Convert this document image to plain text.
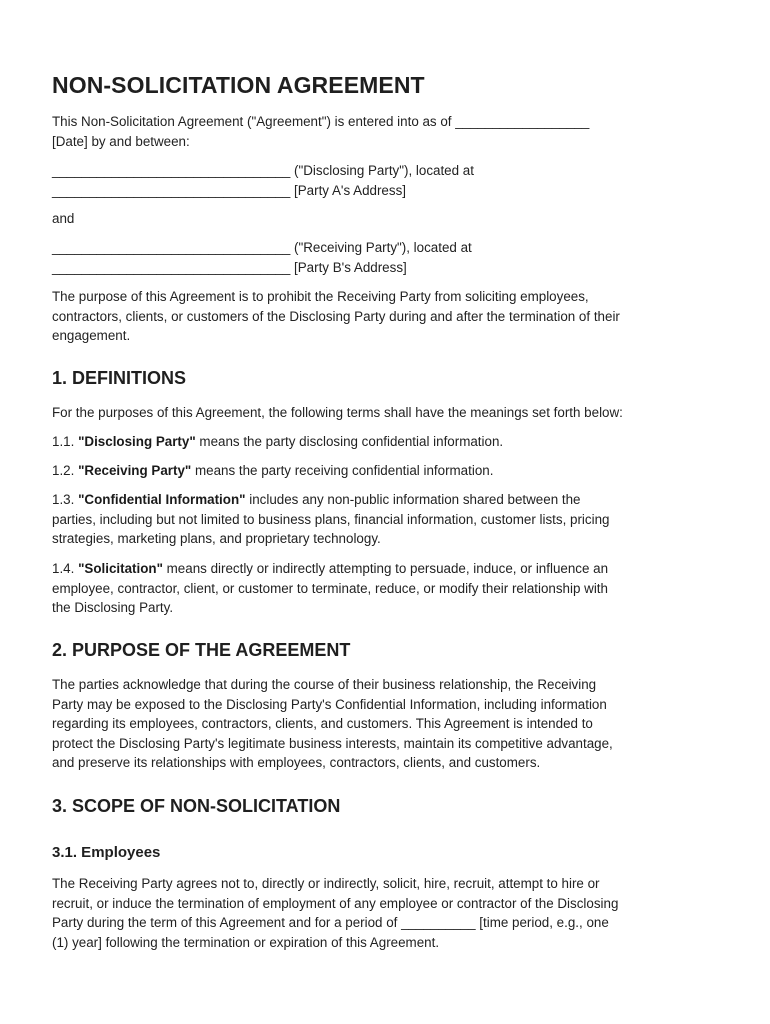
NON-SOLICITATION AGREEMENT

This Non-Solicitation Agreement ("Agreement") is entered into as of __________________

[Date] by and between:

________________________________ ("Disclosing Party"), located at

________________________________ [Party A's Address]

and

________________________________ ("Receiving Party"), located at

________________________________ [Party B's Address]

The purpose of this Agreement is to prohibit the Receiving Party from soliciting employees,

contractors, clients, or customers of the Disclosing Party during and after the termination of their

engagement.

1. DEFINITIONS

For the purposes of this Agreement, the following terms shall have the meanings set forth below:

1.1. "Disclosing Party" means the party disclosing confidential information.

1.2. "Receiving Party" means the party receiving confidential information.

1.3. "Confidential Information" includes any non-public information shared between the

parties, including but not limited to business plans, financial information, customer lists, pricing

strategies, marketing plans, and proprietary technology.

1.4. "Solicitation" means directly or indirectly attempting to persuade, induce, or influence an

employee, contractor, client, or customer to terminate, reduce, or modify their relationship with

the Disclosing Party.

2. PURPOSE OF THE AGREEMENT

The parties acknowledge that during the course of their business relationship, the Receiving

Party may be exposed to the Disclosing Party's Confidential Information, including information

regarding its employees, contractors, clients, and customers. This Agreement is intended to

protect the Disclosing Party's legitimate business interests, maintain its competitive advantage,

and preserve its relationships with employees, contractors, clients, and customers.

3. SCOPE OF NON-SOLICITATION
3.1. Employees

The Receiving Party agrees not to, directly or indirectly, solicit, hire, recruit, attempt to hire or

recruit, or induce the termination of employment of any employee or contractor of the Disclosing

Party during the term of this Agreement and for a period of __________ [time period, e.g., one

(1) year] following the termination or expiration of this Agreement.
